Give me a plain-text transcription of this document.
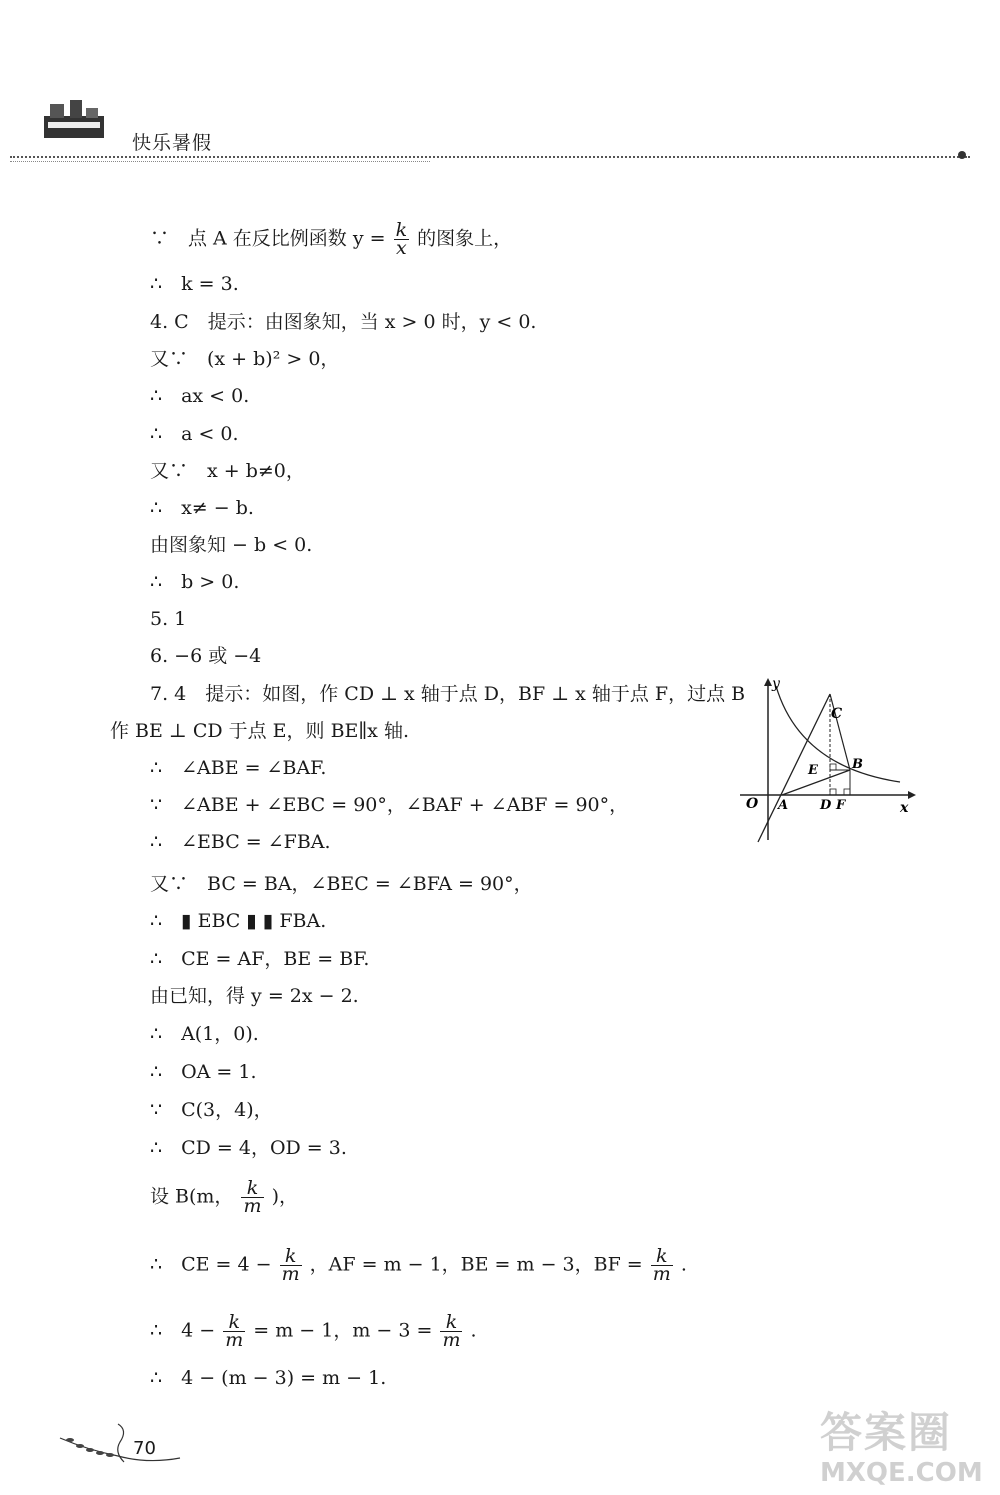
快乐暑假
∵　点 A 在反比例函数 $y = \frac{k}{x}$ 的图象上，
∴　k = 3.
4. C　提示：由图象知，当 x > 0 时，y < 0.
又∵　(x + b)² > 0，
∴　ax < 0.
∴　a < 0.
又∵　x + b≠0，
∴　x≠ − b.
由图象知 − b < 0.
∴　b > 0.
5. 1
6. −6 或 −4
7. 4　提示：如图，作 CD ⊥ x 轴于点 D，BF ⊥ x 轴于点 F，过点 B
作 BE ⊥ CD 于点 E，则 BE∥x 轴.
∴　∠ABE = ∠BAF.
∵　∠ABE + ∠EBC = 90°，∠BAF + ∠ABF = 90°，
∴　∠EBC = ∠FBA.
又∵　BC = BA，∠BEC = ∠BFA = 90°，
∴　▮ EBC ▮ ▮ FBA.
∴　CE = AF，BE = BF.
由已知，得 y = 2x − 2.
∴　A(1，0).
∴　OA = 1.
∵　C(3，4)，
∴　CD = 4，OD = 3.
设 B(m， $\frac{k}{m}$ )，
∴　CE = $4 - \frac{k}{m}$ ，AF = m − 1，BE = m − 3，BF = $\frac{k}{m}$ .
∴　$4 - \frac{k}{m} = m - 1$，$m - 3 = \frac{k}{m}$ .
∴　4 − (m − 3) = m − 1.
y
C
E	B
O A D F	x
70	答案圈
MXQE.COM
